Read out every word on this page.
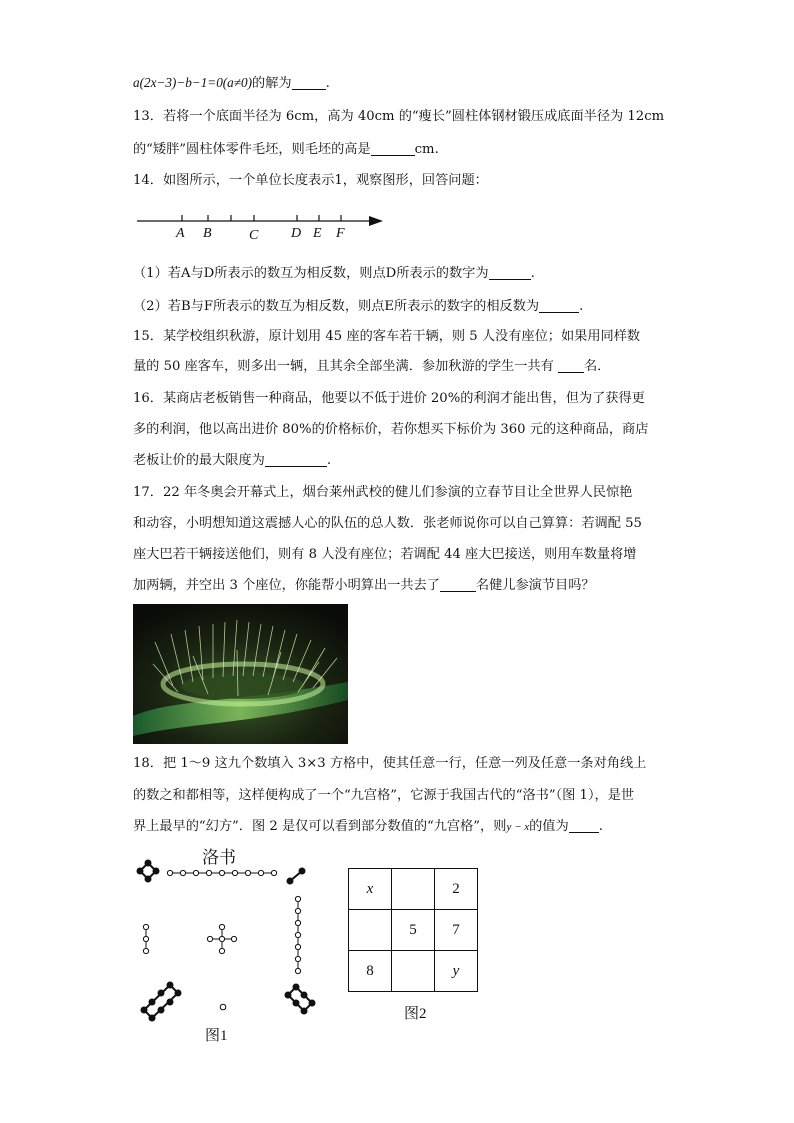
a(2x−3)−b−1=0(a≠0)的解为	.
13．若将一个底面半径为 6cm，高为 40cm 的“瘦长”圆柱体钢材锻压成底面半径为 12cm
的“矮胖”圆柱体零件毛坯，则毛坯的高是	cm.
14．如图所示，一个单位长度表示1，观察图形，回答问题：
A B	C D E F
（1）若A与D所表示的数互为相反数，则点D所表示的数字为	.
（2）若B与F所表示的数互为相反数，则点E所表示的数字的相反数为	.
15．某学校组织秋游，原计划用 45 座的客车若干辆，则 5 人没有座位；如果用同样数
量的 50 座客车，则多出一辆，且其余全部坐满．参加秋游的学生一共有 名．
16．某商店老板销售一种商品，他要以不低于进价 20%的利润才能出售，但为了获得更
多的利润，他以高出进价 80%的价格标价，若你想买下标价为 360 元的这种商品，商店
老板让价的最大限度为	.
17．22 年冬奥会开幕式上，烟台莱州武校的健儿们参演的立春节目让全世界人民惊艳
和动容，小明想知道这震撼人心的队伍的总人数．张老师说你可以自己算算：若调配 55
座大巴若干辆接送他们，则有 8 人没有座位；若调配 44 座大巴接送，则用车数量将增
加两辆，并空出 3 个座位，你能帮小明算出一共去了	名健儿参演节目吗？
18．把 1～9 这九个数填入 3×3 方格中，使其任意一行，任意一列及任意一条对角线上
的数之和都相等，这样便构成了一个“九宫格”，它源于我国古代的“洛书”（图 1），是世
界上最早的“幻方”．图 2 是仅可以看到部分数值的“九宫格”，则y − x的值为 .
洛书
图1
x		2
	5	7
8		y
图2
